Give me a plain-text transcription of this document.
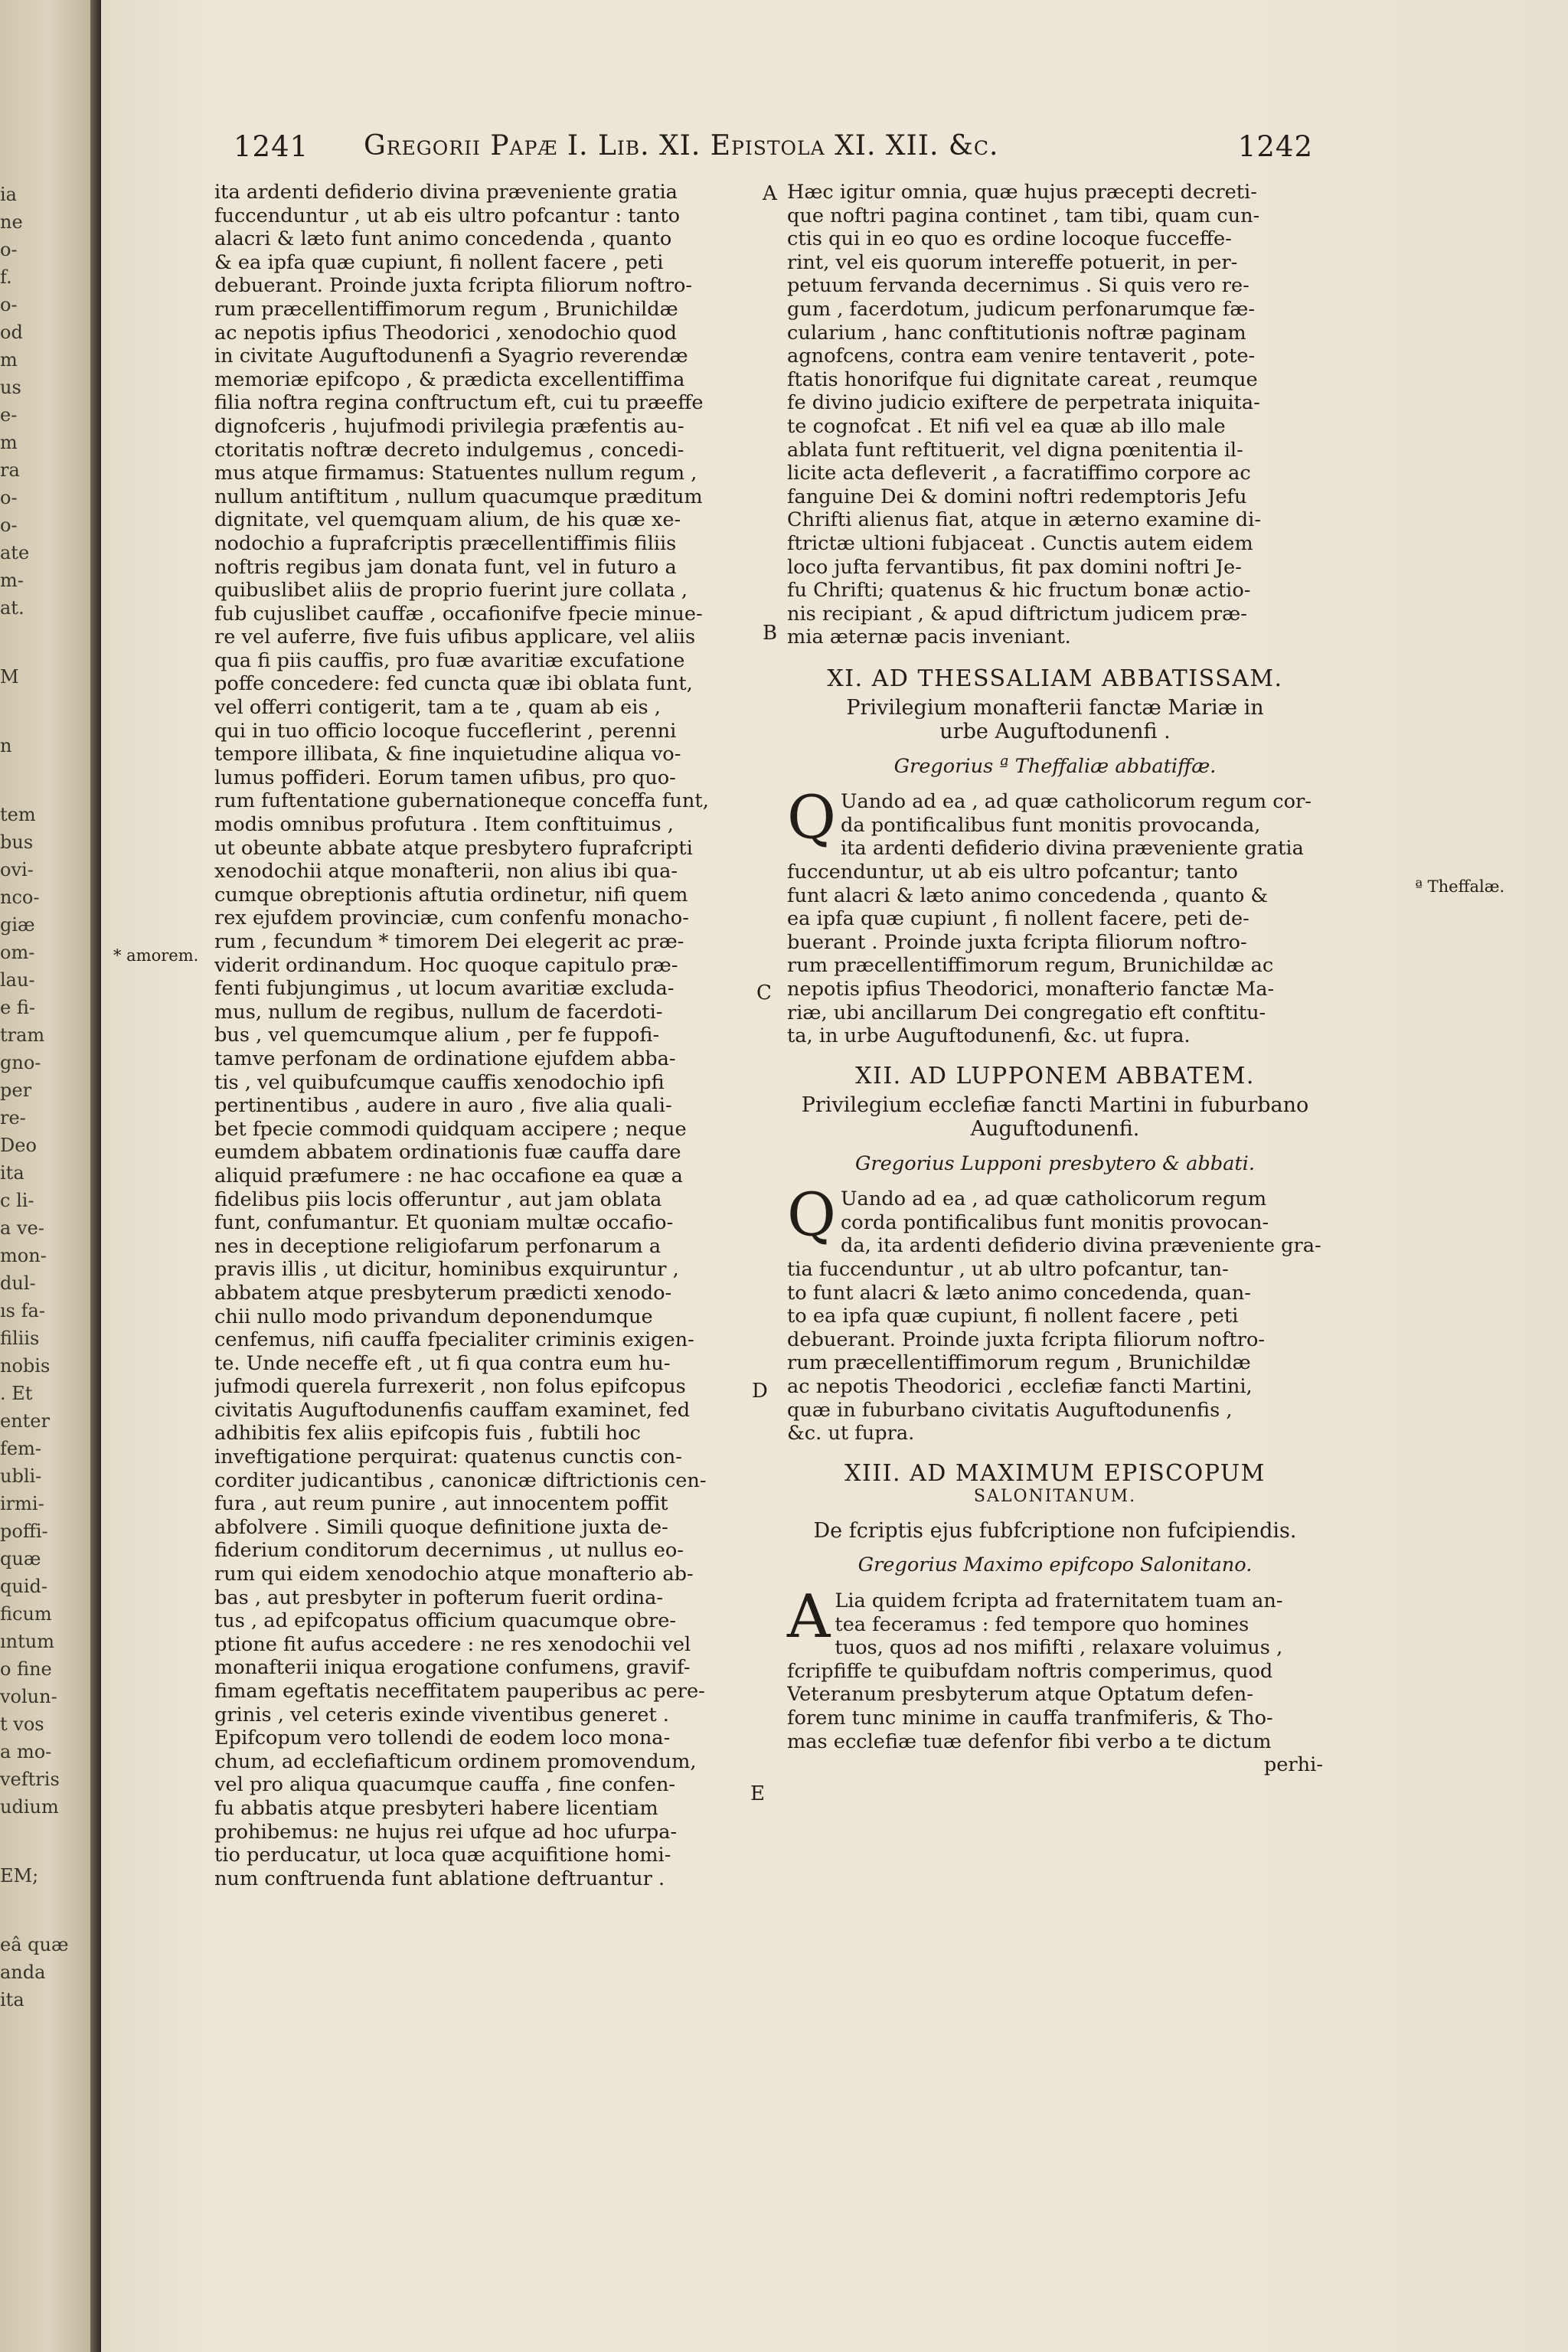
ia
ne
o-
f.
o-
od
m
us
e-
m
ra
o-
o-
ate
m-
at.
M
n
tem
bus
ovi-
nco-
giæ
om-
lau-
e fi-
tram
gno-
per
re-
Deo
ita
c li-
a ve-
mon-
dul-
ıs fa-
filiis
nobis
. Et
enter
fem-
ubli-
irmi-
poffi-
quæ
quid-
ficum
ıntum
o fine
volun-
t vos
a mo-
veftris
udium
EM;
eâ quæ
anda
ita
1241 Gregorii Papæ I. Lib. XI. Epistola XI. XII. &c.	1242
A
B
C
D
E
* amorem.
ª Theffalæ.

ita ardenti defiderio divina præveniente gratia

fuccenduntur , ut ab eis ultro pofcantur : tanto

alacri & læto funt animo concedenda , quanto

& ea ipfa quæ cupiunt, fi nollent facere , peti

debuerant. Proinde juxta fcripta filiorum noftro-

rum præcellentiffimorum regum , Brunichildæ

ac nepotis ipfius Theodorici , xenodochio quod

in civitate Auguftodunenfi a Syagrio reverendæ

memoriæ epifcopo , & prædicta excellentiffima

filia noftra regina conftructum eft, cui tu præeffe

dignofceris , hujufmodi privilegia præfentis au-

ctoritatis noftræ decreto indulgemus , concedi-

mus atque firmamus: Statuentes nullum regum ,

nullum antiftitum , nullum quacumque præditum

dignitate, vel quemquam alium, de his quæ xe-

nodochio a fuprafcriptis præcellentiffimis filiis

noftris regibus jam donata funt, vel in futuro a

quibuslibet aliis de proprio fuerint jure collata ,

fub cujuslibet cauffæ , occafionifve fpecie minue-

re vel auferre, five fuis ufibus applicare, vel aliis

qua fi piis cauffis, pro fuæ avaritiæ excufatione

poffe concedere: fed cuncta quæ ibi oblata funt,

vel offerri contigerit, tam a te , quam ab eis ,

qui in tuo officio locoque fucceflerint , perenni

tempore illibata, & fine inquietudine aliqua vo-

lumus poffideri. Eorum tamen ufibus, pro quo-

rum fuftentatione gubernationeque conceffa funt,

modis omnibus profutura . Item conftituimus ,

ut obeunte abbate atque presbytero fuprafcripti

xenodochii atque monafterii, non alius ibi qua-

cumque obreptionis aftutia ordinetur, nifi quem

rex ejufdem provinciæ, cum confenfu monacho-

rum , fecundum * timorem Dei elegerit ac præ-

viderit ordinandum. Hoc quoque capitulo præ-

fenti fubjungimus , ut locum avaritiæ excluda-

mus, nullum de regibus, nullum de facerdoti-

bus , vel quemcumque alium , per fe fuppofi-

tamve perfonam de ordinatione ejufdem abba-

tis , vel quibufcumque cauffis xenodochio ipfi

pertinentibus , audere in auro , five alia quali-

bet fpecie commodi quidquam accipere ; neque

eumdem abbatem ordinationis fuæ cauffa dare

aliquid præfumere : ne hac occafione ea quæ a

fidelibus piis locis offeruntur , aut jam oblata

funt, confumantur. Et quoniam multæ occafio-

nes in deceptione religiofarum perfonarum a

pravis illis , ut dicitur, hominibus exquiruntur ,

abbatem atque presbyterum prædicti xenodo-

chii nullo modo privandum deponendumque

cenfemus, nifi cauffa fpecialiter criminis exigen-

te. Unde neceffe eft , ut fi qua contra eum hu-

jufmodi querela furrexerit , non folus epifcopus

civitatis Auguftodunenfis cauffam examinet, fed

adhibitis fex aliis epifcopis fuis , fubtili hoc

inveftigatione perquirat: quatenus cunctis con-

corditer judicantibus , canonicæ diftrictionis cen-

fura , aut reum punire , aut innocentem poffit

abfolvere . Simili quoque definitione juxta de-

fiderium conditorum decernimus , ut nullus eo-

rum qui eidem xenodochio atque monafterio ab-

bas , aut presbyter in pofterum fuerit ordina-

tus , ad epifcopatus officium quacumque obre-

ptione fit aufus accedere : ne res xenodochii vel

monafterii iniqua erogatione confumens, gravif-

fimam egeftatis neceffitatem pauperibus ac pere-

grinis , vel ceteris exinde viventibus generet .

Epifcopum vero tollendi de eodem loco mona-

chum, ad ecclefiafticum ordinem promovendum,

vel pro aliqua quacumque cauffa , fine confen-

fu abbatis atque presbyteri habere licentiam

prohibemus: ne hujus rei ufque ad hoc ufurpa-

tio perducatur, ut loca quæ acquifitione homi-

num conftruenda funt ablatione deftruantur .

Hæc igitur omnia, quæ hujus præcepti decreti-

que noftri pagina continet , tam tibi, quam cun-

ctis qui in eo quo es ordine locoque fucceffe-

rint, vel eis quorum intereffe potuerit, in per-

petuum fervanda decernimus . Si quis vero re-

gum , facerdotum, judicum perfonarumque fæ-

cularium , hanc conftitutionis noftræ paginam

agnofcens, contra eam venire tentaverit , pote-

ftatis honorifque fui dignitate careat , reumque

fe divino judicio exiftere de perpetrata iniquita-

te cognofcat . Et nifi vel ea quæ ab illo male

ablata funt reftituerit, vel digna pœnitentia il-

licite acta defleverit , a facratiffimo corpore ac

fanguine Dei & domini noftri redemptoris Jefu

Chrifti alienus fiat, atque in æterno examine di-

ftrictæ ultioni fubjaceat . Cunctis autem eidem

loco jufta fervantibus, fit pax domini noftri Je-

fu Chrifti; quatenus & hic fructum bonæ actio-

nis recipiant , & apud diftrictum judicem præ-

mia æternæ pacis inveniant.

XI. AD THESSALIAM ABBATISSAM.

Privilegium monafterii fanctæ Mariæ in

urbe Auguftodunenfi .

Gregorius ª Theffaliæ abbatiffæ.
Q Uando ad ea , ad quæ catholicorum regum cor-

da pontificalibus funt monitis provocanda,

ita ardenti defiderio divina præveniente gratia

fuccenduntur, ut ab eis ultro pofcantur; tanto

funt alacri & læto animo concedenda , quanto &

ea ipfa quæ cupiunt , fi nollent facere, peti de-

buerant . Proinde juxta fcripta filiorum noftro-

rum præcellentiffimorum regum, Brunichildæ ac

nepotis ipfius Theodorici, monafterio fanctæ Ma-

riæ, ubi ancillarum Dei congregatio eft conftitu-

ta, in urbe Auguftodunenfi, &c. ut fupra.

XII. AD LUPPONEM ABBATEM.

Privilegium ecclefiæ fancti Martini in fuburbano

Auguftodunenfi.

Gregorius Lupponi presbytero & abbati.
Q Uando ad ea , ad quæ catholicorum regum

corda pontificalibus funt monitis provocan-

da, ita ardenti defiderio divina præveniente gra-

tia fuccenduntur , ut ab ultro pofcantur, tan-

to funt alacri & læto animo concedenda, quan-

to ea ipfa quæ cupiunt, fi nollent facere , peti

debuerant. Proinde juxta fcripta filiorum noftro-

rum præcellentiffimorum regum , Brunichildæ

ac nepotis Theodorici , ecclefiæ fancti Martini,

quæ in fuburbano civitatis Auguftodunenfis ,

&c. ut fupra.

XIII. AD MAXIMUM EPISCOPUM
SALONITANUM.

De fcriptis ejus fubfcriptione non fufcipiendis.

Gregorius Maximo epifcopo Salonitano.
A Lia quidem fcripta ad fraternitatem tuam an-

tea feceramus : fed tempore quo homines

tuos, quos ad nos mififti , relaxare voluimus ,

fcripfiffe te quibufdam noftris comperimus, quod

Veteranum presbyterum atque Optatum defen-

forem tunc minime in cauffa tranfmiferis, & Tho-

mas ecclefiæ tuæ defenfor fibi verbo a te dictum

perhi-
